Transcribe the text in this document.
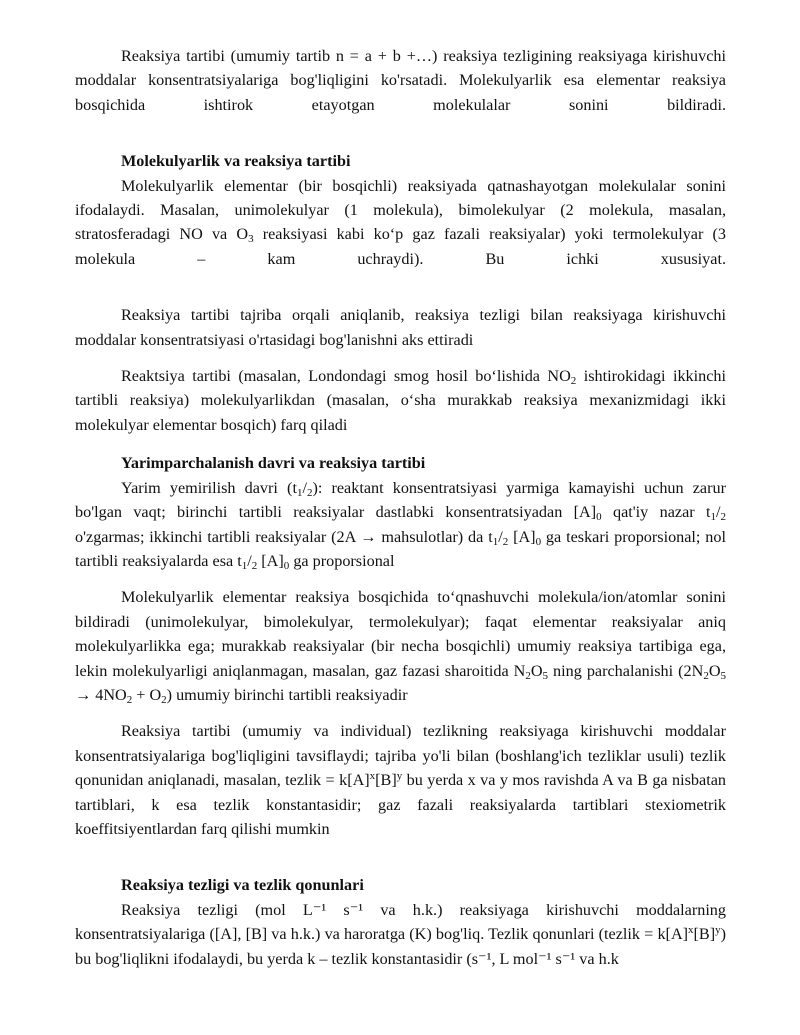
Reaksiya tartibi (umumiy tartib n = a + b +…) reaksiya tezligining reaksiyaga kirishuvchi moddalar konsentratsiyalariga bog'liqligini ko'rsatadi. Molekulyarlik esa elementar reaksiya bosqichida ishtirok etayotgan molekulalar sonini bildiradi.

Molekulyarlik va reaksiya tartibi

Molekulyarlik elementar (bir bosqichli) reaksiyada qatnashayotgan molekulalar sonini ifodalaydi. Masalan, unimolekulyar (1 molekula), bimolekulyar (2 molekula, masalan, stratosferadagi NO va $O_3$ reaksiyasi kabi ko‘p gaz fazali reaksiyalar) yoki termolekulyar (3 molekula – kam uchraydi). Bu ichki xususiyat.

Reaksiya tartibi tajriba orqali aniqlanib, reaksiya tezligi bilan reaksiyaga kirishuvchi moddalar konsentratsiyasi o'rtasidagi bog'lanishni aks ettiradi

Reaktsiya tartibi (masalan, Londondagi smog hosil bo‘lishida $NO_2$ ishtirokidagi ikkinchi tartibli reaksiya) molekulyarlikdan (masalan, o‘sha murakkab reaksiya mexanizmidagi ikki molekulyar elementar bosqich) farq qiladi

Yarimparchalanish davri va reaksiya tartibi

Yarim yemirilish davri $(t_1/_2)$: reaktant konsentratsiyasi yarmiga kamayishi uchun zarur bo'lgan vaqt; birinchi tartibli reaksiyalar dastlabki konsentratsiyadan $[A]_0$ qat'iy nazar $t_1/_2$ o'zgarmas; ikkinchi tartibli reaksiyalar (2A → mahsulotlar) da $t_1/_2$ $[A]_0$ ga teskari proporsional; nol tartibli reaksiyalarda esa $t_1/_2$ $[A]_0$ ga proporsional

Molekulyarlik elementar reaksiya bosqichida to‘qnashuvchi molekula/ion/atomlar sonini bildiradi (unimolekulyar, bimolekulyar, termolekulyar); faqat elementar reaksiyalar aniq molekulyarlikka ega; murakkab reaksiyalar (bir necha bosqichli) umumiy reaksiya tartibiga ega, lekin molekulyarligi aniqlanmagan, masalan, gaz fazasi sharoitida $N_2O_5$ ning parchalanishi $(2N_2O_5 \to 4NO_2 + O_2)$ umumiy birinchi tartibli reaksiyadir

Reaksiya tartibi (umumiy va individual) tezlikning reaksiyaga kirishuvchi moddalar konsentratsiyalariga bog'liqligini tavsiflaydi; tajriba yo'li bilan (boshlang'ich tezliklar usuli) tezlik qonunidan aniqlanadi, masalan, tezlik = $k[A]^x[B]^y$ bu yerda x va y mos ravishda A va B ga nisbatan tartiblari, k esa tezlik konstantasidir; gaz fazali reaksiyalarda tartiblari stexiometrik koeffitsiyentlardan farq qilishi mumkin

Reaksiya tezligi va tezlik qonunlari

Reaksiya tezligi (mol L⁻¹ s⁻¹ va h.k.) reaksiyaga kirishuvchi moddalarning konsentratsiyalariga ([A], [B] va h.k.) va haroratga (K) bog'liq. Tezlik qonunlari (tezlik = $k[A]^x[B]^y$) bu bog'liqlikni ifodalaydi, bu yerda k – tezlik konstantasidir (s⁻¹, L mol⁻¹ s⁻¹ va h.k
